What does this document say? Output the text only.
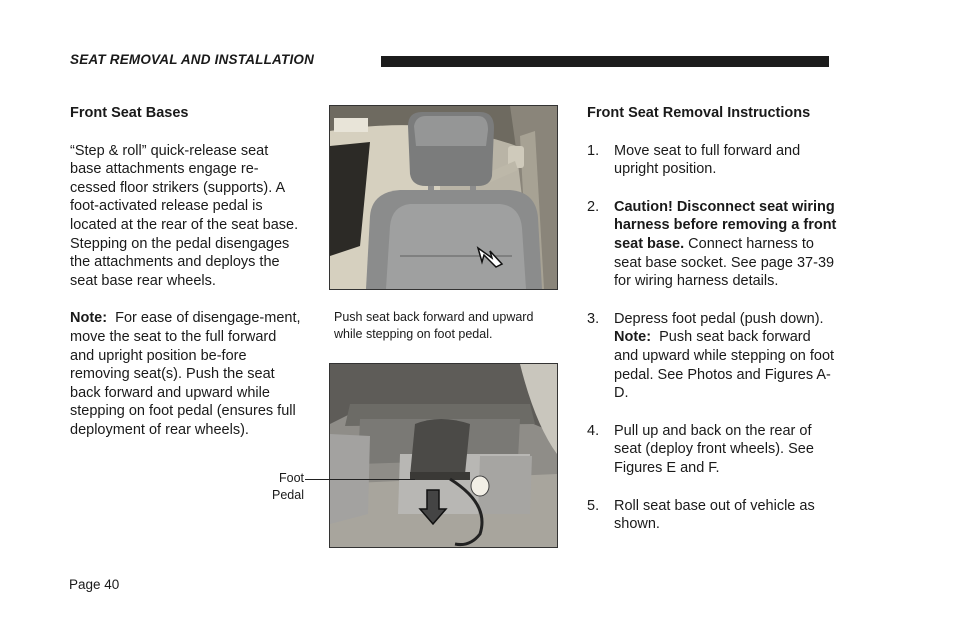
SEAT REMOVAL AND INSTALLATION
Front Seat Bases
“Step & roll” quick-release seat base attachments engage re-cessed floor strikers (supports). A foot-activated release pedal is located at the rear of the seat base. Stepping on the pedal disengages the attachments and deploys the seat base rear wheels.
Note: For ease of disengage-ment, move the seat to the full forward and upright position be-fore removing seat(s). Push the seat back forward and upward while stepping on foot pedal (ensures full deployment of rear wheels).
Push seat back forward and upward while stepping on foot pedal.
Foot
Pedal
Front Seat Removal Instructions
1. Move seat to full forward and upright position.
2. Caution! Disconnect seat wiring harness before removing a front seat base. Connect harness to seat base socket. See page 37-39 for wiring harness details.
3. Depress foot pedal (push down).  Note: Push seat back forward and upward while stepping on foot pedal. See Photos and Figures A-D.
4. Pull up and back on the rear of seat (deploy front wheels). See Figures E and F.
5. Roll seat base out of vehicle as shown.
Page 40
